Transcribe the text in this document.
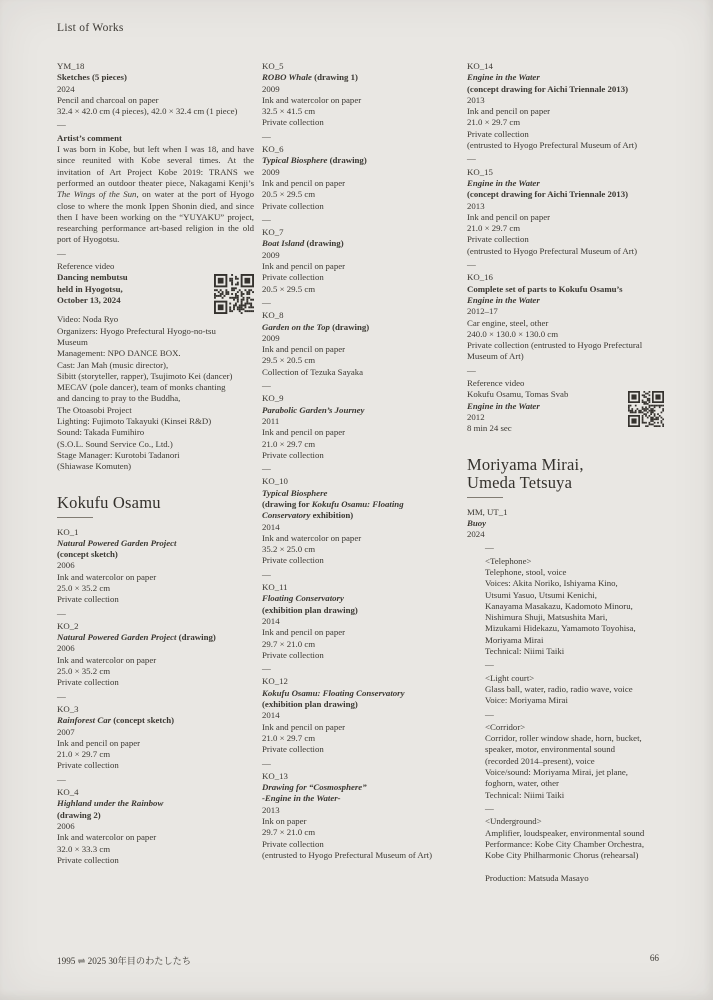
List of Works
YM_18
Sketches (5 pieces)
2024
Pencil and charcoal on paper
32.4 × 42.0 cm (4 pieces), 42.0 × 32.4 cm (1 piece)
—
Artist’s comment
I was born in Kobe, but left when I was 18, and have since reunited with Kobe several times. At the invitation of Art Project Kobe 2019: TRANS we performed an outdoor theater piece, Nakagami Kenji’s The Wings of the Sun, on water at the port of Hyogo close to where the monk Ippen Shonin died, and since then I have been working on the “YUYAKU” project, researching performance art-based religion in the old port of Hyogotsu.
—
Reference video
Dancing nembutsu
held in Hyogotsu,
October 13, 2024
Video: Noda Ryo
Organizers: Hyogo Prefectural Hyogo-no-tsu
Museum
Management: NPO DANCE BOX.
Cast: Jan Mah (music director),
Sibitt (storyteller, rapper), Tsujimoto Kei (dancer)
MECAV (pole dancer), team of monks chanting
and dancing to pray to the Buddha,
The Otoasobi Project
Lighting: Fujimoto Takayuki (Kinsei R&D)
Sound: Takada Fumihiro
(S.O.L. Sound Service Co., Ltd.)
Stage Manager: Kurotobi Tadanori
(Shiawase Komuten)
Kokufu Osamu
KO_1
Natural Powered Garden Project
(concept sketch)
2006
Ink and watercolor on paper
25.0 × 35.2 cm
Private collection
—
KO_2
Natural Powered Garden Project (drawing)
2006
Ink and watercolor on paper
25.0 × 35.2 cm
Private collection
—
KO_3
Rainforest Car (concept sketch)
2007
Ink and pencil on paper
21.0 × 29.7 cm
Private collection
—
KO_4
Highland under the Rainbow
(drawing 2)
2006
Ink and watercolor on paper
32.0 × 33.3 cm
Private collection
KO_5
ROBO Whale (drawing 1)
2009
Ink and watercolor on paper
32.5 × 41.5 cm
Private collection
—
KO_6
Typical Biosphere (drawing)
2009
Ink and pencil on paper
20.5 × 29.5 cm
Private collection
—
KO_7
Boat Island (drawing)
2009
Ink and pencil on paper
Private collection
20.5 × 29.5 cm
—
KO_8
Garden on the Top (drawing)
2009
Ink and pencil on paper
29.5 × 20.5 cm
Collection of Tezuka Sayaka
—
KO_9
Parabolic Garden’s Journey
2011
Ink and pencil on paper
21.0 × 29.7 cm
Private collection
—
KO_10
Typical Biosphere
(drawing for Kokufu Osamu: Floating
Conservatory exhibition)
2014
Ink and watercolor on paper
35.2 × 25.0 cm
Private collection
—
KO_11
Floating Conservatory
(exhibition plan drawing)
2014
Ink and pencil on paper
29.7 × 21.0 cm
Private collection
—
KO_12
Kokufu Osamu: Floating Conservatory
(exhibition plan drawing)
2014
Ink and pencil on paper
21.0 × 29.7 cm
Private collection
—
KO_13
Drawing for “Cosmosphere”
-Engine in the Water-
2013
Ink on paper
29.7 × 21.0 cm
Private collection
(entrusted to Hyogo Prefectural Museum of Art)
KO_14
Engine in the Water
(concept drawing for Aichi Triennale 2013)
2013
Ink and pencil on paper
21.0 × 29.7 cm
Private collection
(entrusted to Hyogo Prefectural Museum of Art)
—
KO_15
Engine in the Water
(concept drawing for Aichi Triennale 2013)
2013
Ink and pencil on paper
21.0 × 29.7 cm
Private collection
(entrusted to Hyogo Prefectural Museum of Art)
—
KO_16
Complete set of parts to Kokufu Osamu’s
Engine in the Water
2012–17
Car engine, steel, other
240.0 × 130.0 × 130.0 cm
Private collection (entrusted to Hyogo Prefectural
Museum of Art)
—
Reference video
Kokufu Osamu, Tomas Svab
Engine in the Water
2012
8 min 24 sec
Moriyama Mirai,
Umeda Tetsuya
MM, UT_1
Buoy
2024
—
<Telephone>
Telephone, stool, voice
Voices: Akita Noriko, Ishiyama Kino,
Utsumi Yasuo, Utsumi Kenichi,
Kanayama Masakazu, Kadomoto Minoru,
Nishimura Shuji, Matsushita Mari,
Mizukami Hidekazu, Yamamoto Toyohisa,
Moriyama Mirai
Technical: Niimi Taiki
—
<Light court>
Glass ball, water, radio, radio wave, voice
Voice: Moriyama Mirai
—
<Corridor>
Corridor, roller window shade, horn, bucket,
speaker, motor, environmental sound
(recorded 2014–present), voice
Voice/sound: Moriyama Mirai, jet plane,
foghorn, water, other
Technical: Niimi Taiki
—
<Underground>
Amplifier, loudspeaker, environmental sound
Performance: Kobe City Chamber Orchestra,
Kobe City Philharmonic Chorus (rehearsal)
Production: Matsuda Masayo
1995 ⇌ 2025 30年目のわたしたち	66
